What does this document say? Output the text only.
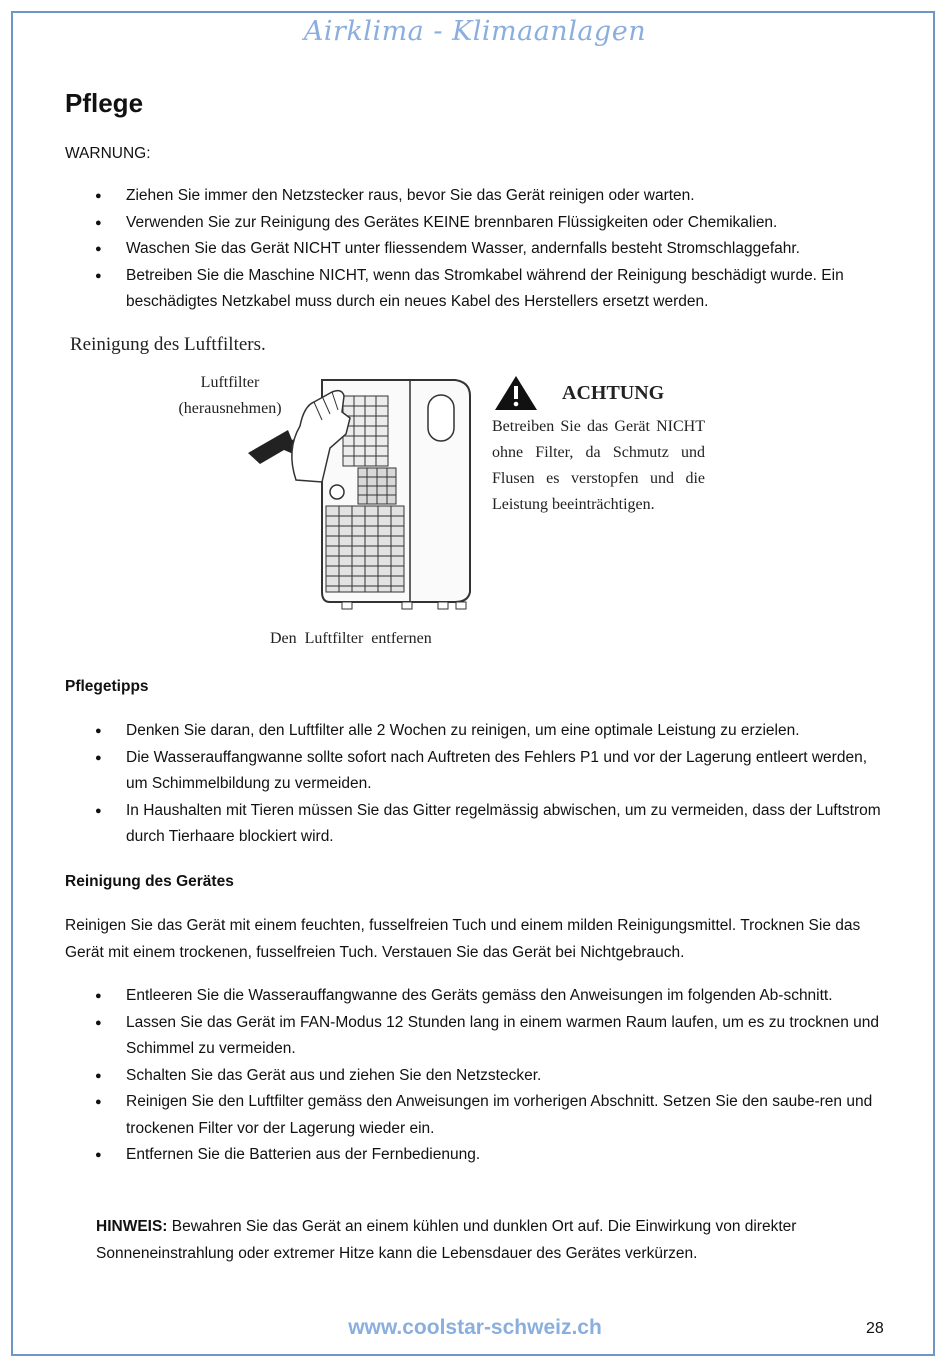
Airklima - Klimaanlagen
Pflege
WARNUNG:
● Ziehen Sie immer den Netzstecker raus, bevor Sie das Gerät reinigen oder warten.
● Verwenden Sie zur Reinigung des Gerätes KEINE brennbaren Flüssigkeiten oder Chemikalien.
● Waschen Sie das Gerät NICHT unter fliessendem Wasser, andernfalls besteht Stromschlaggefahr.
● Betreiben Sie die Maschine NICHT, wenn das Stromkabel während der Reinigung beschädigt wurde. Ein beschädigtes Netzkabel muss durch ein neues Kabel des Herstellers ersetzt werden.
Reinigung des Luftfilters.
Luftfilter
(herausnehmen)
ACHTUNG
Betreiben Sie das Gerät NICHT ohne Filter, da Schmutz und Flusen es verstopfen und die Leistung beeinträchtigen.
Den Luftfilter entfernen
Pflegetipps
● Denken Sie daran, den Luftfilter alle 2 Wochen zu reinigen, um eine optimale Leistung zu erzielen.
● Die Wasserauffangwanne sollte sofort nach Auftreten des Fehlers P1 und vor der Lagerung entleert werden, um Schimmelbildung zu vermeiden.
● In Haushalten mit Tieren müssen Sie das Gitter regelmässig abwischen, um zu vermeiden, dass der Luftstrom durch Tierhaare blockiert wird.
Reinigung des Gerätes
Reinigen Sie das Gerät mit einem feuchten, fusselfreien Tuch und einem milden Reinigungsmittel. Trocknen Sie das Gerät mit einem trockenen, fusselfreien Tuch. Verstauen Sie das Gerät bei Nichtgebrauch.
● Entleeren Sie die Wasserauffangwanne des Geräts gemäss den Anweisungen im folgenden Ab-schnitt.
● Lassen Sie das Gerät im FAN-Modus 12 Stunden lang in einem warmen Raum laufen, um es zu trocknen und Schimmel zu vermeiden.
● Schalten Sie das Gerät aus und ziehen Sie den Netzstecker.
● Reinigen Sie den Luftfilter gemäss den Anweisungen im vorherigen Abschnitt. Setzen Sie den saube-ren und trockenen Filter vor der Lagerung wieder ein.
● Entfernen Sie die Batterien aus der Fernbedienung.
HINWEIS: Bewahren Sie das Gerät an einem kühlen und dunklen Ort auf. Die Einwirkung von direkter Sonneneinstrahlung oder extremer Hitze kann die Lebensdauer des Gerätes verkürzen.
www.coolstar-schweiz.ch	28
